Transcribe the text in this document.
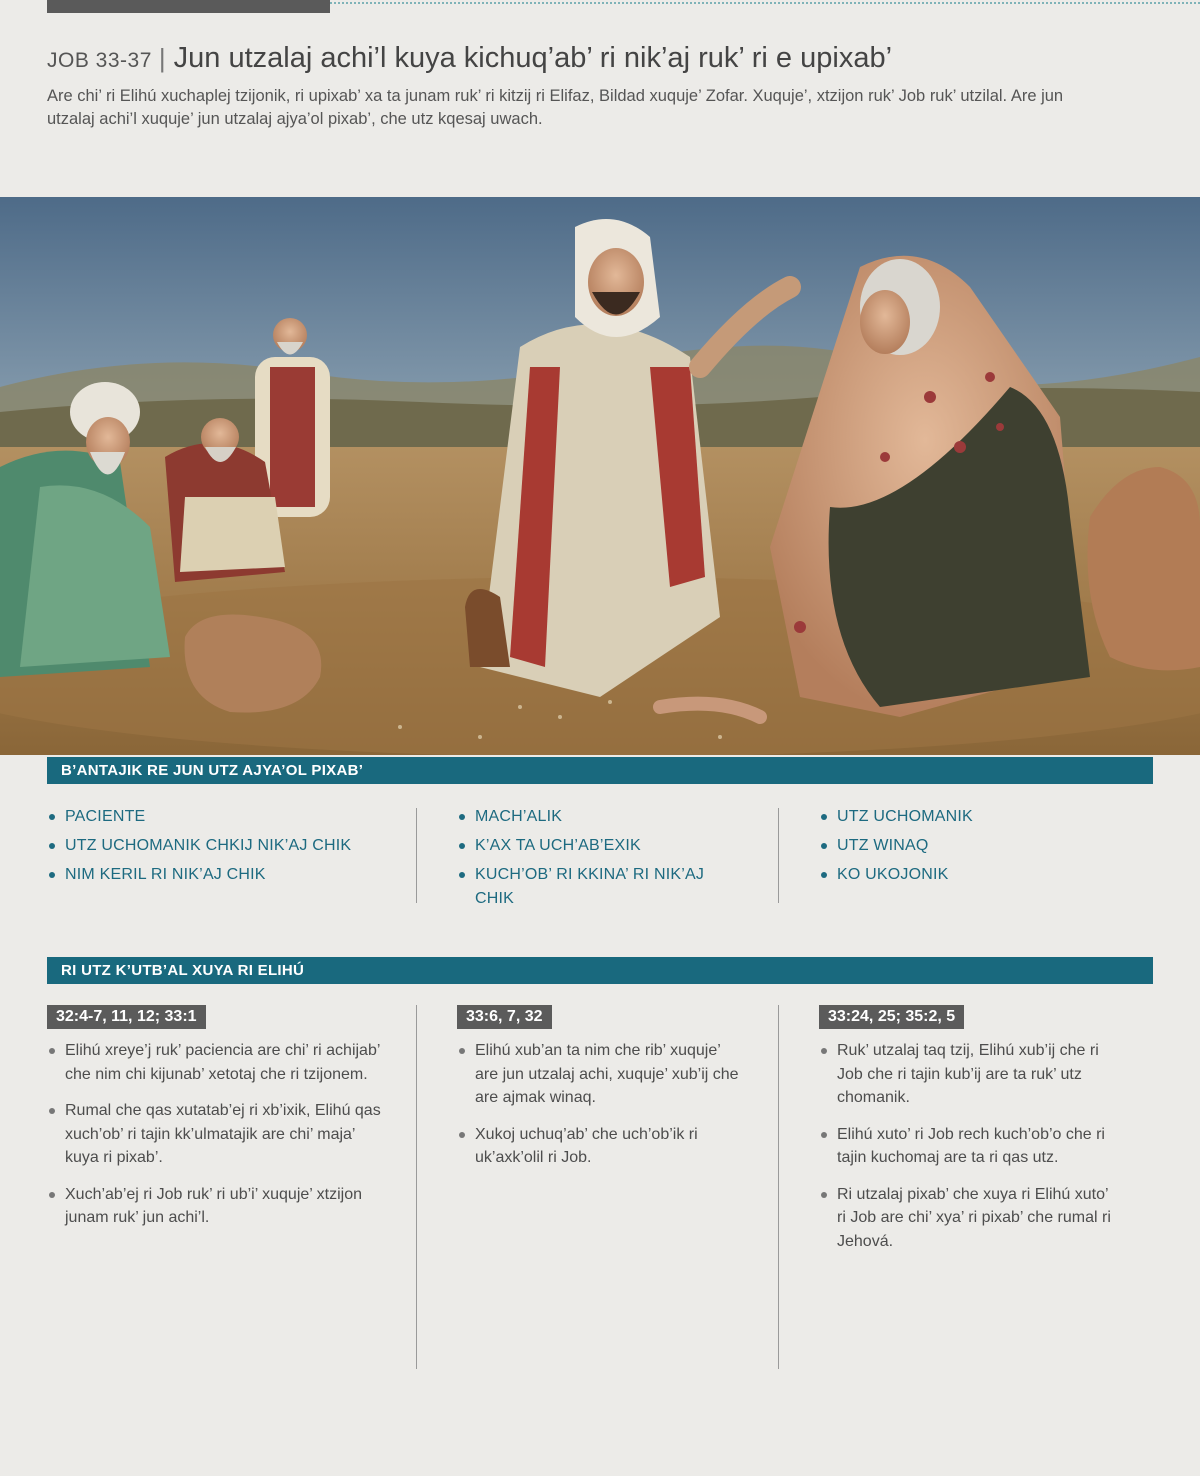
JOB 33-37 | Jun utzalaj achi’l kuya kichuq’ab’ ri nik’aj ruk’ ri e upixab’

Are chi’ ri Elihú xuchaplej tzijonik, ri upixab’ xa ta junam ruk’ ri kitzij ri Elifaz, Bildad xuquje’ Zofar. Xuquje’, xtzijon ruk’ Job ruk’ utzilal. Are jun utzalaj achi’l xuquje’ jun utzalaj ajya’ol pixab’, che utz kqesaj uwach.

B’ANTAJIK RE JUN UTZ AJYA’OL PIXAB’
PACIENTE
UTZ UCHOMANIK CHKIJ NIK’AJ CHIK
NIM KERIL RI NIK’AJ CHIK
MACH’ALIK
K’AX TA UCH’AB’EXIK
KUCH’OB’ RI KKINA’ RI NIK’AJ CHIK
UTZ UCHOMANIK
UTZ WINAQ
KO UKOJONIK
RI UTZ K’UTB’AL XUYA RI ELIHÚ
32:4-7, 11, 12; 33:1
Elihú xreye’j ruk’ paciencia are chi’ ri achijab’ che nim chi kijunab’ xetotaj che ri tzijonem.
Rumal che qas xutatab’ej ri xb’ixik, Elihú qas xuch’ob’ ri tajin kk’ulmatajik are chi’ maja’ kuya ri pixab’.
Xuch’ab’ej ri Job ruk’ ri ub’i’ xuquje’ xtzijon junam ruk’ jun achi’l.
33:6, 7, 32
Elihú xub’an ta nim che rib’ xuquje’ are jun utzalaj achi, xuquje’ xub’ij che are ajmak winaq.
Xukoj uchuq’ab’ che uch’ob’ik ri uk’axk’olil ri Job.
33:24, 25; 35:2, 5
Ruk’ utzalaj taq tzij, Elihú xub’ij che ri Job che ri tajin kub’ij are ta ruk’ utz chomanik.
Elihú xuto’ ri Job rech kuch’ob’o che ri tajin kuchomaj are ta ri qas utz.
Ri utzalaj pixab’ che xuya ri Elihú xuto’ ri Job are chi’ xya’ ri pixab’ che rumal ri Jehová.
